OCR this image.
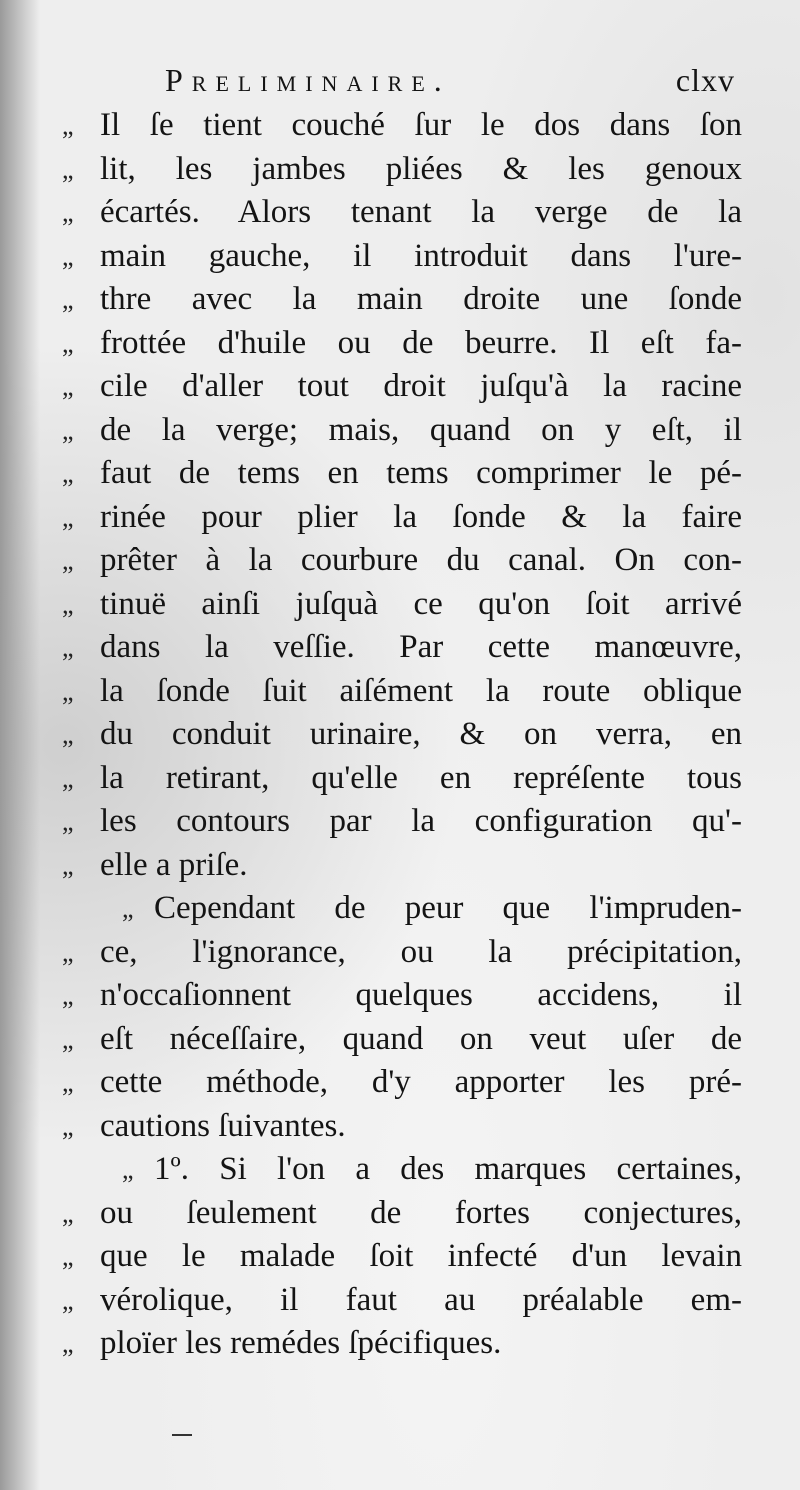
Preliminaire.	clxv
„ Il ſe tient couché ſur le dos dans ſon
„ lit, les jambes pliées & les genoux
„ écartés. Alors tenant la verge de la
„ main gauche, il introduit dans l'ure-
„ thre avec la main droite une ſonde
„ frottée d'huile ou de beurre. Il eſt fa-
„ cile d'aller tout droit juſqu'à la racine
„ de la verge; mais, quand on y eſt, il
„ faut de tems en tems comprimer le pé-
„ rinée pour plier la ſonde & la faire
„ prêter à la courbure du canal. On con-
„ tinuë ainſi juſquà ce qu'on ſoit arrivé
„ dans la veſſie. Par cette manœuvre,
„ la ſonde ſuit aiſément la route oblique
„ du conduit urinaire, & on verra, en
„ la retirant, qu'elle en repréſente tous
„ les contours par la configuration qu'-
„ elle a priſe.
„ Cependant de peur que l'impruden-
„ ce, l'ignorance, ou la précipitation,
„ n'occaſionnent quelques accidens, il
„ eſt néceſſaire, quand on veut uſer de
„ cette méthode, d'y apporter les pré-
„ cautions ſuivantes.
„ 1º. Si l'on a des marques certaines,
„ ou ſeulement de fortes conjectures,
„ que le malade ſoit infecté d'un levain
„ vérolique, il faut au préalable em-
„ ploïer les remédes ſpécifiques.
